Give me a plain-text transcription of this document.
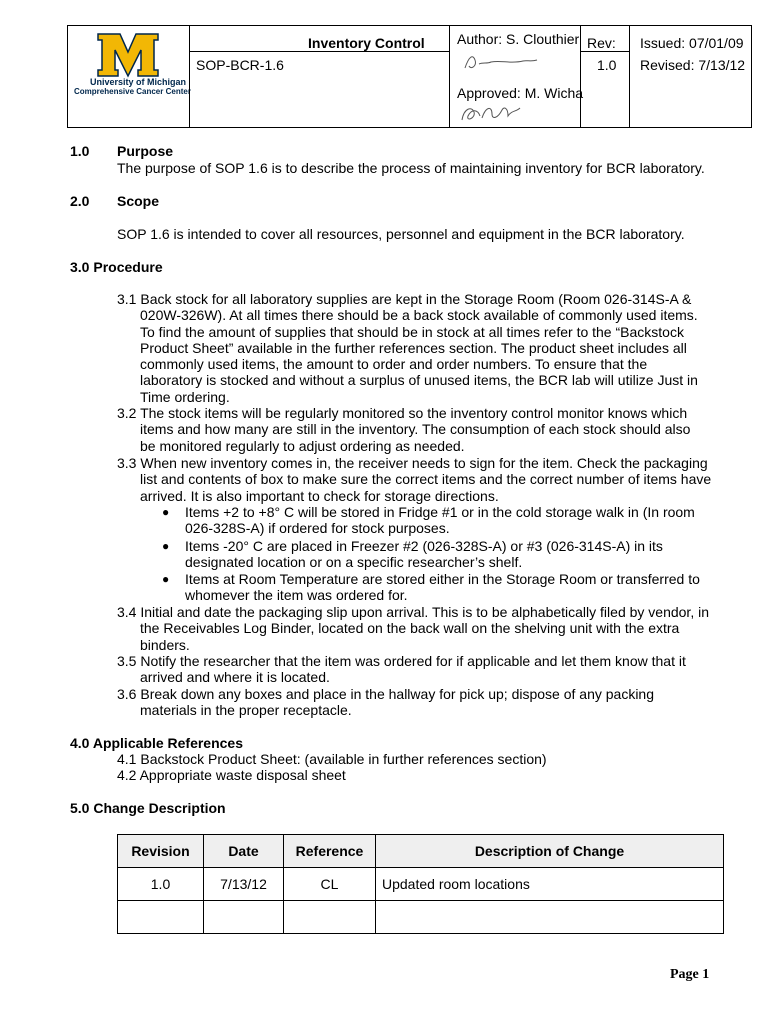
University of Michigan
Comprehensive Cancer Center
Inventory Control
SOP-BCR-1.6
Author: S. Clouthier Rev:
1.0
Issued: 07/01/09
Revised: 7/13/12
Approved: M. Wicha
1.0 Purpose
The purpose of SOP 1.6 is to describe the process of maintaining inventory for BCR laboratory.
2.0 Scope
SOP 1.6 is intended to cover all resources, personnel and equipment in the BCR laboratory.
3.0 Procedure
3.1 Back stock for all laboratory supplies are kept in the Storage Room (Room 026-314S-A &
020W-326W). At all times there should be a back stock available of commonly used items.
To find the amount of supplies that should be in stock at all times refer to the “Backstock
Product Sheet” available in the further references section. The product sheet includes all
commonly used items, the amount to order and order numbers. To ensure that the
laboratory is stocked and without a surplus of unused items, the BCR lab will utilize Just in
Time ordering.
3.2 The stock items will be regularly monitored so the inventory control monitor knows which
items and how many are still in the inventory. The consumption of each stock should also
be monitored regularly to adjust ordering as needed.
3.3 When new inventory comes in, the receiver needs to sign for the item. Check the packaging
list and contents of box to make sure the correct items and the correct number of items have
arrived. It is also important to check for storage directions.
● Items +2 to +8° C will be stored in Fridge #1 or in the cold storage walk in (In room
026-328S-A) if ordered for stock purposes.
● Items -20° C are placed in Freezer #2 (026-328S-A) or #3 (026-314S-A) in its
designated location or on a specific researcher’s shelf.
● Items at Room Temperature are stored either in the Storage Room or transferred to
whomever the item was ordered for.
3.4 Initial and date the packaging slip upon arrival. This is to be alphabetically filed by vendor, in
the Receivables Log Binder, located on the back wall on the shelving unit with the extra
binders.
3.5 Notify the researcher that the item was ordered for if applicable and let them know that it
arrived and where it is located.
3.6 Break down any boxes and place in the hallway for pick up; dispose of any packing
materials in the proper receptacle.
4.0 Applicable References
4.1 Backstock Product Sheet: (available in further references section)
4.2 Appropriate waste disposal sheet
5.0 Change Description
Revision	Date	Reference	Description of Change
1.0	7/13/12	CL	Updated room locations

Page 1
